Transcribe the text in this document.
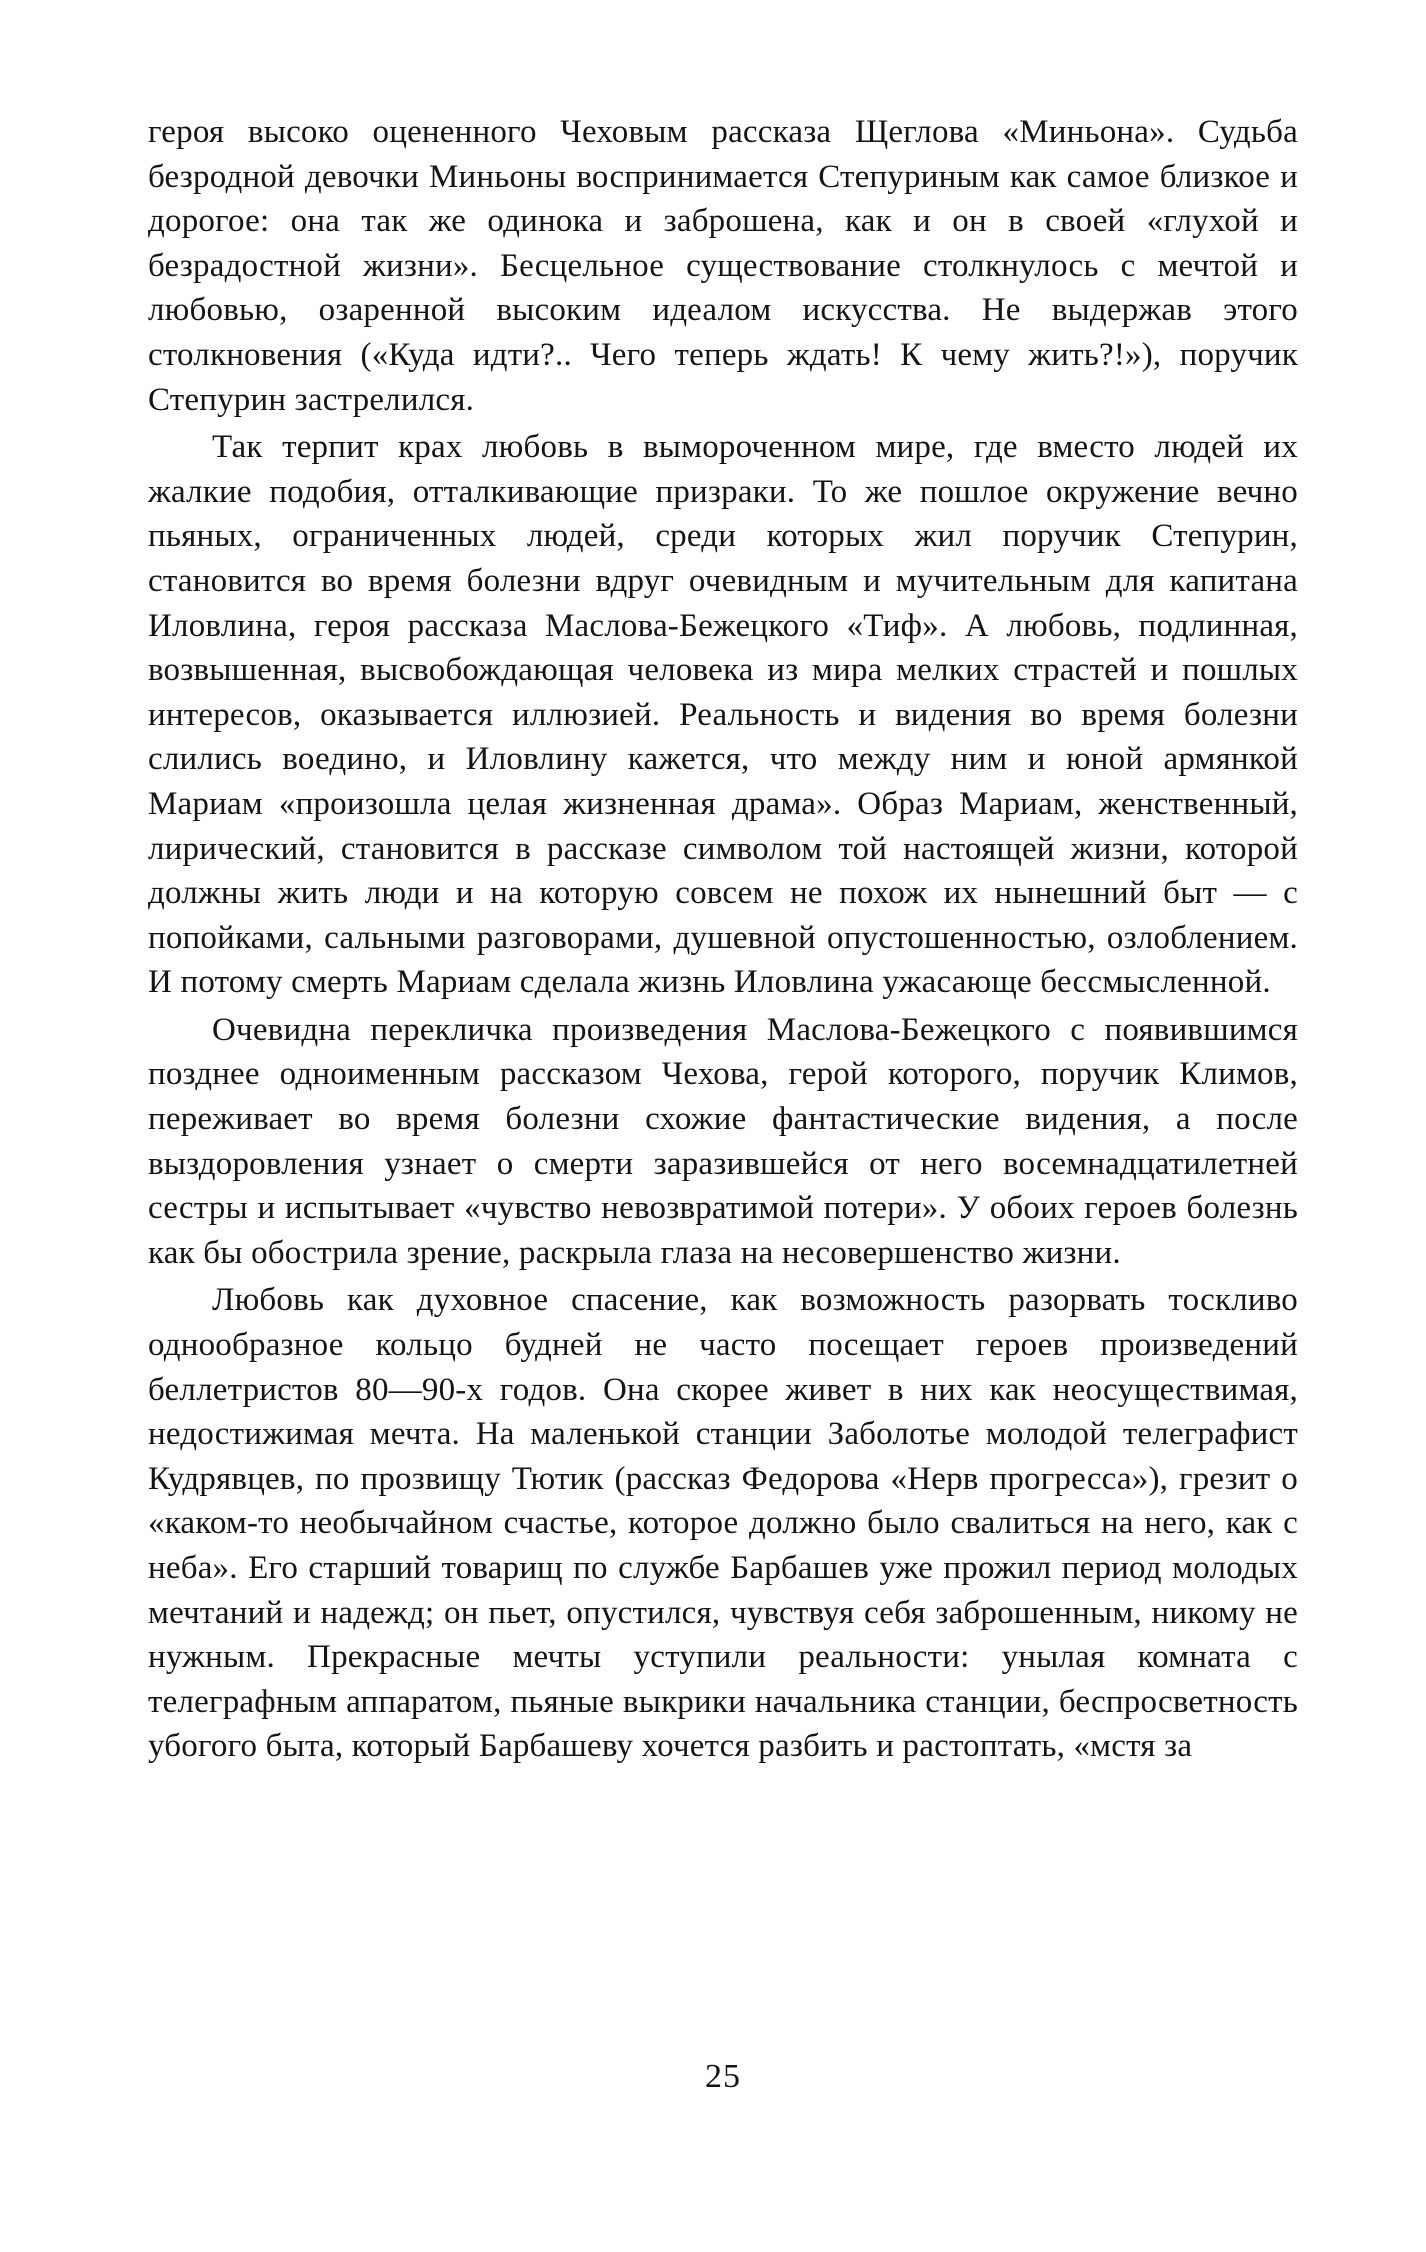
героя высоко оцененного Чеховым рассказа Щеглова «Миньона». Судьба безродной девочки Миньоны воспринимается Степуриным как самое близкое и дорогое: она так же одинока и заброшена, как и он в своей «глухой и безрадостной жизни». Бесцельное существование столкнулось с мечтой и любовью, озаренной высоким идеалом искусства. Не выдержав этого столкновения («Куда идти?.. Чего теперь ждать! К чему жить?!»), поручик Степурин застрелился.

Так терпит крах любовь в вымороченном мире, где вместо людей их жалкие подобия, отталкивающие призраки. То же пошлое окружение вечно пьяных, ограниченных людей, среди которых жил поручик Степурин, становится во время болезни вдруг очевидным и мучительным для капитана Иловлина, героя рассказа Маслова-Бежецкого «Тиф». А любовь, подлинная, возвышенная, высвобождающая человека из мира мелких страстей и пошлых интересов, оказывается иллюзией. Реальность и видения во время болезни слились воедино, и Иловлину кажется, что между ним и юной армянкой Мариам «произошла целая жизненная драма». Образ Мариам, женственный, лирический, становится в рассказе символом той настоящей жизни, которой должны жить люди и на которую совсем не похож их нынешний быт — с попойками, сальными разговорами, душевной опустошенностью, озлоблением. И потому смерть Мариам сделала жизнь Иловлина ужасающе бессмысленной.

Очевидна перекличка произведения Маслова-Бежецкого с появившимся позднее одноименным рассказом Чехова, герой которого, поручик Климов, переживает во время болезни схожие фантастические видения, а после выздоровления узнает о смерти заразившейся от него восемнадцатилетней сестры и испытывает «чувство невозвратимой потери». У обоих героев болезнь как бы обострила зрение, раскрыла глаза на несовершенство жизни.

Любовь как духовное спасение, как возможность разорвать тоскливо однообразное кольцо будней не часто посещает героев произведений беллетристов 80—90-х годов. Она скорее живет в них как неосуществимая, недостижимая мечта. На маленькой станции Заболотье молодой телеграфист Кудрявцев, по прозвищу Тютик (рассказ Федорова «Нерв прогресса»), грезит о «каком-то необычайном счастье, которое должно было свалиться на него, как с неба». Его старший товарищ по службе Барбашев уже прожил период молодых мечтаний и надежд; он пьет, опустился, чувствуя себя заброшенным, никому не нужным. Прекрасные мечты уступили реальности: унылая комната с телеграфным аппаратом, пьяные выкрики начальника станции, беспросветность убогого быта, который Барбашеву хочется разбить и растоптать, «мстя за

25
